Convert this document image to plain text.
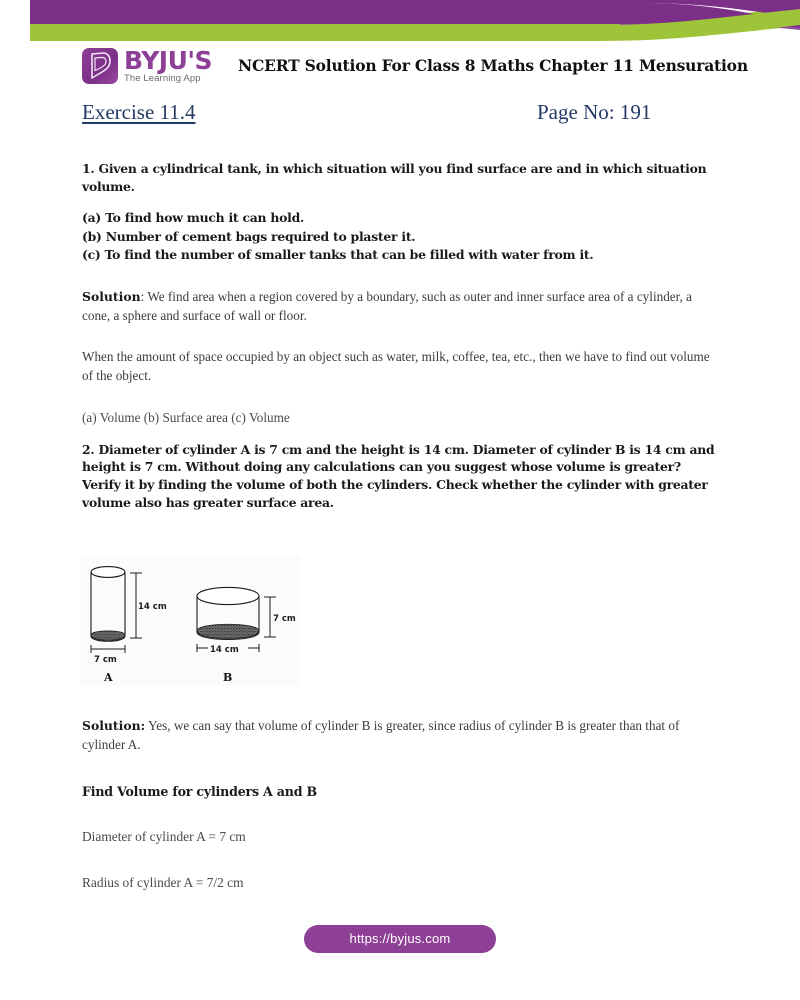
BYJU'S
The Learning App
NCERT Solution For Class 8 Maths Chapter 11 Mensuration
Exercise 11.4	Page No: 191
1. Given a cylindrical tank, in which situation will you find surface are and in which situation volume.
(a) To find how much it can hold.
(b) Number of cement bags required to plaster it.
(c) To find the number of smaller tanks that can be filled with water from it.
Solution: We find area when a region covered by a boundary, such as outer and inner surface area of a cylinder, a cone, a sphere and surface of wall or floor.
When the amount of space occupied by an object such as water, milk, coffee, tea, etc., then we have to find out volume of the object.
(a) Volume (b) Surface area (c) Volume
2. Diameter of cylinder A is 7 cm and the height is 14 cm. Diameter of cylinder B is 14 cm and height is 7 cm. Without doing any calculations can you suggest whose volume is greater? Verify it by finding the volume of both the cylinders. Check whether the cylinder with greater volume also has greater surface area.
14 cm
7 cm
A
7 cm
14 cm
B
Solution: Yes, we can say that volume of cylinder B is greater, since radius of cylinder B is greater than that of cylinder A.
Find Volume for cylinders A and B
Diameter of cylinder A = 7 cm
Radius of cylinder A = 7/2 cm
https://byjus.com
